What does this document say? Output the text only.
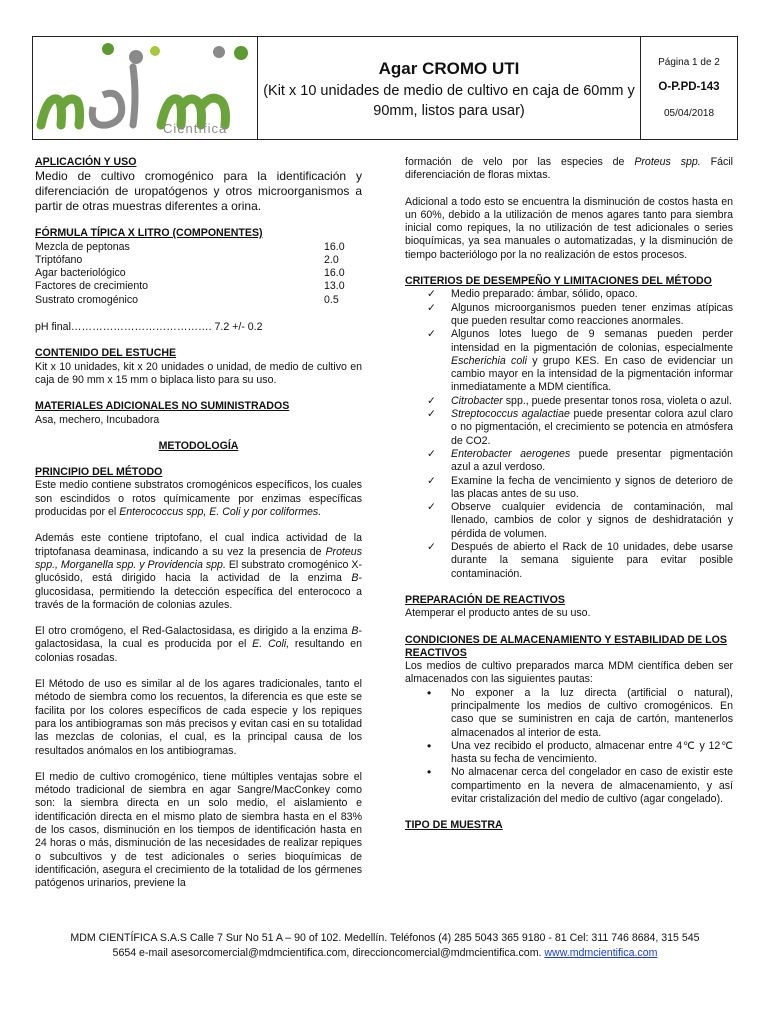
Científica
Agar CROMO UTI
(Kit x 10 unidades de medio de cultivo en caja de 60mm y 90mm, listos para usar)
Página 1 de 2
O-P.PD-143
05/04/2018

APLICACIÓN Y USO

Medio de cultivo cromogénico para la identificación y diferenciación de uropatógenos y otros microorganismos a partir de otras muestras diferentes a orina.

FÓRMULA TÍPICA X LITRO (COMPONENTES)

Mezcla de peptonas	16.0
Triptófano	2.0
Agar bacteriológico	16.0
Factores de crecimiento	13.0
Sustrato cromogénico	0.5

pH final…………………………………. 7.2 +/- 0.2

CONTENIDO DEL ESTUCHE

Kit x 10 unidades, kit x 20 unidades o unidad, de medio de cultivo en caja de 90 mm x 15 mm o biplaca listo para su uso.

MATERIALES ADICIONALES NO SUMINISTRADOS

Asa, mechero, Incubadora

METODOLOGÍA

PRINCIPIO DEL MÉTODO

Este medio contiene substratos cromogénicos específicos, los cuales son escindidos o rotos químicamente por enzimas específicas producidas por el Enterococcus spp, E. Coli y por coliformes.

Además este contiene triptofano, el cual indica actividad de la triptofanasa deaminasa, indicando a su vez la presencia de Proteus spp., Morganella spp. y Providencia spp. El substrato cromogénico X-glucósido, está dirigido hacia la actividad de la enzima B-glucosidasa, permitiendo la detección específica del enterococo a través de la formación de colonias azules.

El otro cromógeno, el Red-Galactosidasa, es dirigido a la enzima B-galactosidasa, la cual es producida por el E. Coli, resultando en colonias rosadas.

El Método de uso es similar al de los agares tradicionales, tanto el método de siembra como los recuentos, la diferencia es que este se facilita por los colores específicos de cada especie y los repiques para los antibiogramas son más precisos y evitan casi en su totalidad las mezclas de colonias, el cual, es la principal causa de los resultados anómalos en los antibiogramas.

El medio de cultivo cromogénico, tiene múltiples ventajas sobre el método tradicional de siembra en agar Sangre/MacConkey como son: la siembra directa en un solo medio, el aislamiento e identificación directa en el mismo plato de siembra hasta en el 83% de los casos, disminución en los tiempos de identificación hasta en 24 horas o más, disminución de las necesidades de realizar repiques o subcultivos y de test adicionales o series bioquímicas de identificación, asegura el crecimiento de la totalidad de los gérmenes patógenos urinarios, previene la

formación de velo por las especies de Proteus spp. Fácil diferenciación de floras mixtas.

Adicional a todo esto se encuentra la disminución de costos hasta en un 60%, debido a la utilización de menos agares tanto para siembra inicial como repiques, la no utilización de test adicionales o series bioquímicas, ya sea manuales o automatizadas, y la disminución de tiempo bacteriólogo por la no realización de estos procesos.

CRITERIOS DE DESEMPEÑO Y LIMITACIONES DEL MÉTODO

✓ Medio preparado: ámbar, sólido, opaco.
✓ Algunos microorganismos pueden tener enzimas atípicas que pueden resultar como reacciones anormales.
✓ Algunos lotes luego de 9 semanas pueden perder intensidad en la pigmentación de colonias, especialmente Escherichia coli y grupo KES. En caso de evidenciar un cambio mayor en la intensidad de la pigmentación informar inmediatamente a MDM científica.
✓ Citrobacter spp., puede presentar tonos rosa, violeta o azul.
✓ Streptococcus agalactiae puede presentar colora azul claro o no pigmentación, el crecimiento se potencia en atmósfera de CO2.
✓ Enterobacter aerogenes puede presentar pigmentación azul a azul verdoso.
✓ Examine la fecha de vencimiento y signos de deterioro de las placas antes de su uso.
✓ Observe cualquier evidencia de contaminación, mal llenado, cambios de color y signos de deshidratación y pérdida de volumen.
✓ Después de abierto el Rack de 10 unidades, debe usarse durante la semana siguiente para evitar posible contaminación.

PREPARACIÓN DE REACTIVOS

Atemperar el producto antes de su uso.

CONDICIONES DE ALMACENAMIENTO Y ESTABILIDAD DE LOS REACTIVOS

Los medios de cultivo preparados marca MDM científica deben ser almacenados con las siguientes pautas:

• No exponer a la luz directa (artificial o natural), principalmente los medios de cultivo cromogénicos. En caso que se suministren en caja de cartón, mantenerlos almacenados al interior de esta.
• Una vez recibido el producto, almacenar entre 4℃ y 12℃ hasta su fecha de vencimiento.
• No almacenar cerca del congelador en caso de existir este compartimento en la nevera de almacenamiento, y así evitar cristalización del medio de cultivo (agar congelado).

TIPO DE MUESTRA

MDM CIENTÍFICA S.A.S Calle 7 Sur No 51 A – 90 of 102. Medellín. Teléfonos (4) 285 5043 365 9180 - 81 Cel: 311 746 8684, 315 545
5654 e-mail asesorcomercial@mdmcientifica.com, direccioncomercial@mdmcientifica.com. www.mdmcientifica.com
